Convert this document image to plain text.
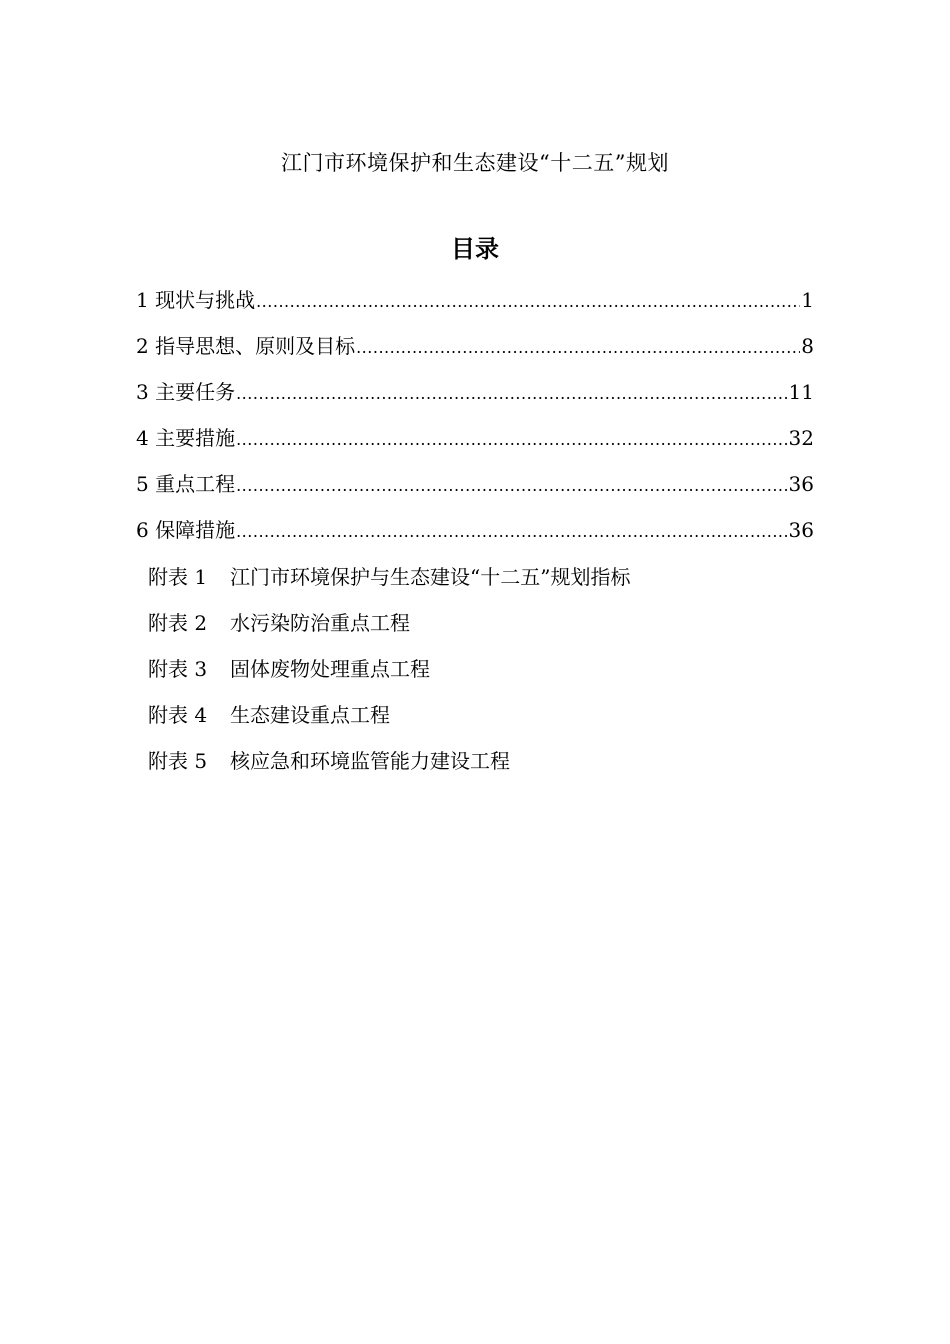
江门市环境保护和生态建设“十二五”规划
目录
1 现状与挑战 .....	1
2 指导思想、原则及目标 .....	8
3 主要任务 .....	11
4 主要措施 .....	32
5 重点工程 .....	36
6 保障措施 .....	36
附表 1	江门市环境保护与生态建设“十二五”规划指标
附表 2	水污染防治重点工程
附表 3	固体废物处理重点工程
附表 4	生态建设重点工程
附表 5	核应急和环境监管能力建设工程
